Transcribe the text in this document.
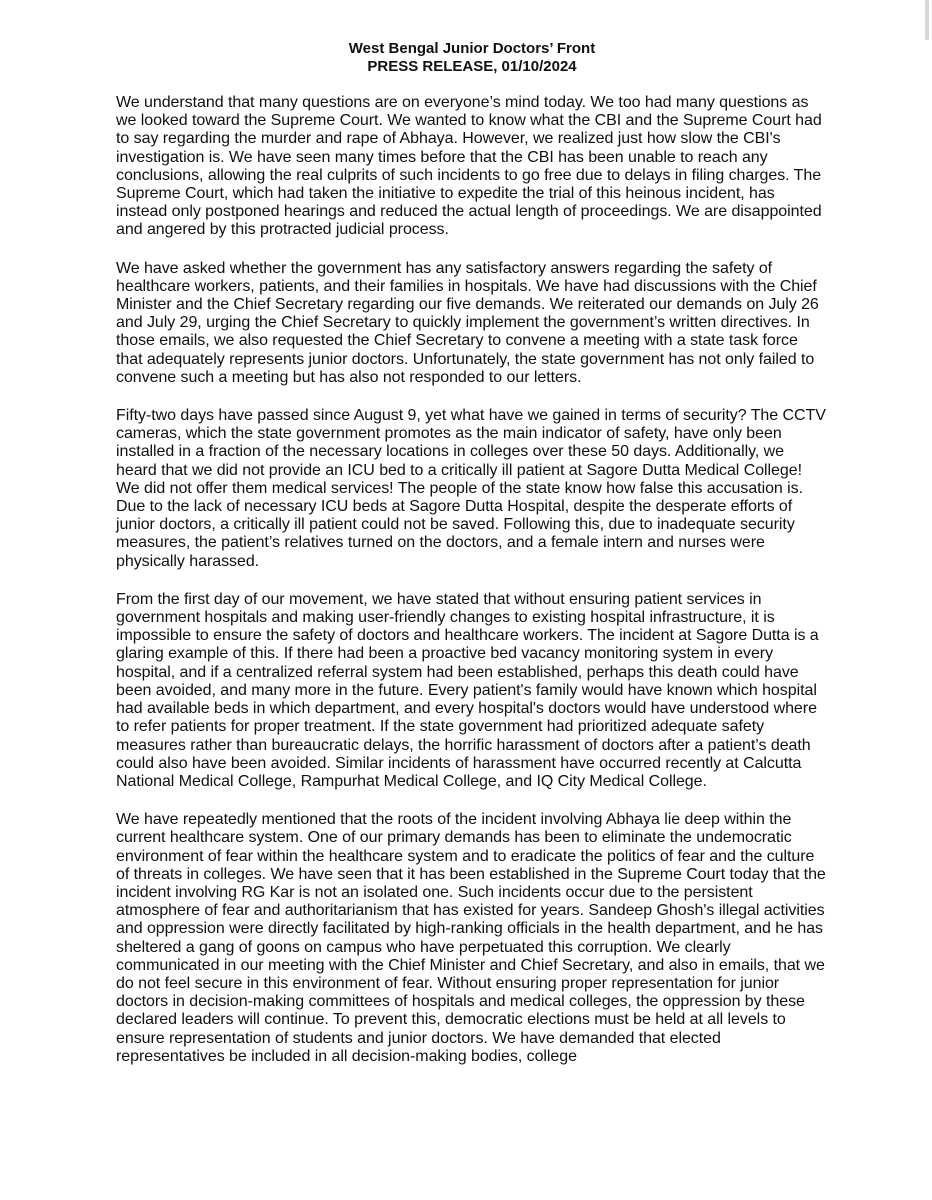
West Bengal Junior Doctors’ Front
PRESS RELEASE, 01/10/2024

We understand that many questions are on everyone’s mind today. We too had many questions as we looked toward the Supreme Court. We wanted to know what the CBI and the Supreme Court had to say regarding the murder and rape of Abhaya. However, we realized just how slow the CBI's investigation is. We have seen many times before that the CBI has been unable to reach any conclusions, allowing the real culprits of such incidents to go free due to delays in filing charges. The Supreme Court, which had taken the initiative to expedite the trial of this heinous incident, has instead only postponed hearings and reduced the actual length of proceedings. We are disappointed and angered by this protracted judicial process.

We have asked whether the government has any satisfactory answers regarding the safety of healthcare workers, patients, and their families in hospitals. We have had discussions with the Chief Minister and the Chief Secretary regarding our five demands. We reiterated our demands on July 26 and July 29, urging the Chief Secretary to quickly implement the government’s written directives. In those emails, we also requested the Chief Secretary to convene a meeting with a state task force that adequately represents junior doctors. Unfortunately, the state government has not only failed to convene such a meeting but has also not responded to our letters.

Fifty-two days have passed since August 9, yet what have we gained in terms of security? The CCTV cameras, which the state government promotes as the main indicator of safety, have only been installed in a fraction of the necessary locations in colleges over these 50 days. Additionally, we heard that we did not provide an ICU bed to a critically ill patient at Sagore Dutta Medical College! We did not offer them medical services! The people of the state know how false this accusation is. Due to the lack of necessary ICU beds at Sagore Dutta Hospital, despite the desperate efforts of junior doctors, a critically ill patient could not be saved. Following this, due to inadequate security measures, the patient’s relatives turned on the doctors, and a female intern and nurses were physically harassed.

From the first day of our movement, we have stated that without ensuring patient services in government hospitals and making user-friendly changes to existing hospital infrastructure, it is impossible to ensure the safety of doctors and healthcare workers. The incident at Sagore Dutta is a glaring example of this. If there had been a proactive bed vacancy monitoring system in every hospital, and if a centralized referral system had been established, perhaps this death could have been avoided, and many more in the future. Every patient's family would have known which hospital had available beds in which department, and every hospital's doctors would have understood where to refer patients for proper treatment. If the state government had prioritized adequate safety measures rather than bureaucratic delays, the horrific harassment of doctors after a patient’s death could also have been avoided. Similar incidents of harassment have occurred recently at Calcutta National Medical College, Rampurhat Medical College, and IQ City Medical College.

We have repeatedly mentioned that the roots of the incident involving Abhaya lie deep within the current healthcare system. One of our primary demands has been to eliminate the undemocratic environment of fear within the healthcare system and to eradicate the politics of fear and the culture of threats in colleges. We have seen that it has been established in the Supreme Court today that the incident involving RG Kar is not an isolated one. Such incidents occur due to the persistent atmosphere of fear and authoritarianism that has existed for years. Sandeep Ghosh's illegal activities and oppression were directly facilitated by high-ranking officials in the health department, and he has sheltered a gang of goons on campus who have perpetuated this corruption. We clearly communicated in our meeting with the Chief Minister and Chief Secretary, and also in emails, that we do not feel secure in this environment of fear. Without ensuring proper representation for junior doctors in decision-making committees of hospitals and medical colleges, the oppression by these declared leaders will continue. To prevent this, democratic elections must be held at all levels to ensure representation of students and junior doctors. We have demanded that elected representatives be included in all decision-making bodies, college
